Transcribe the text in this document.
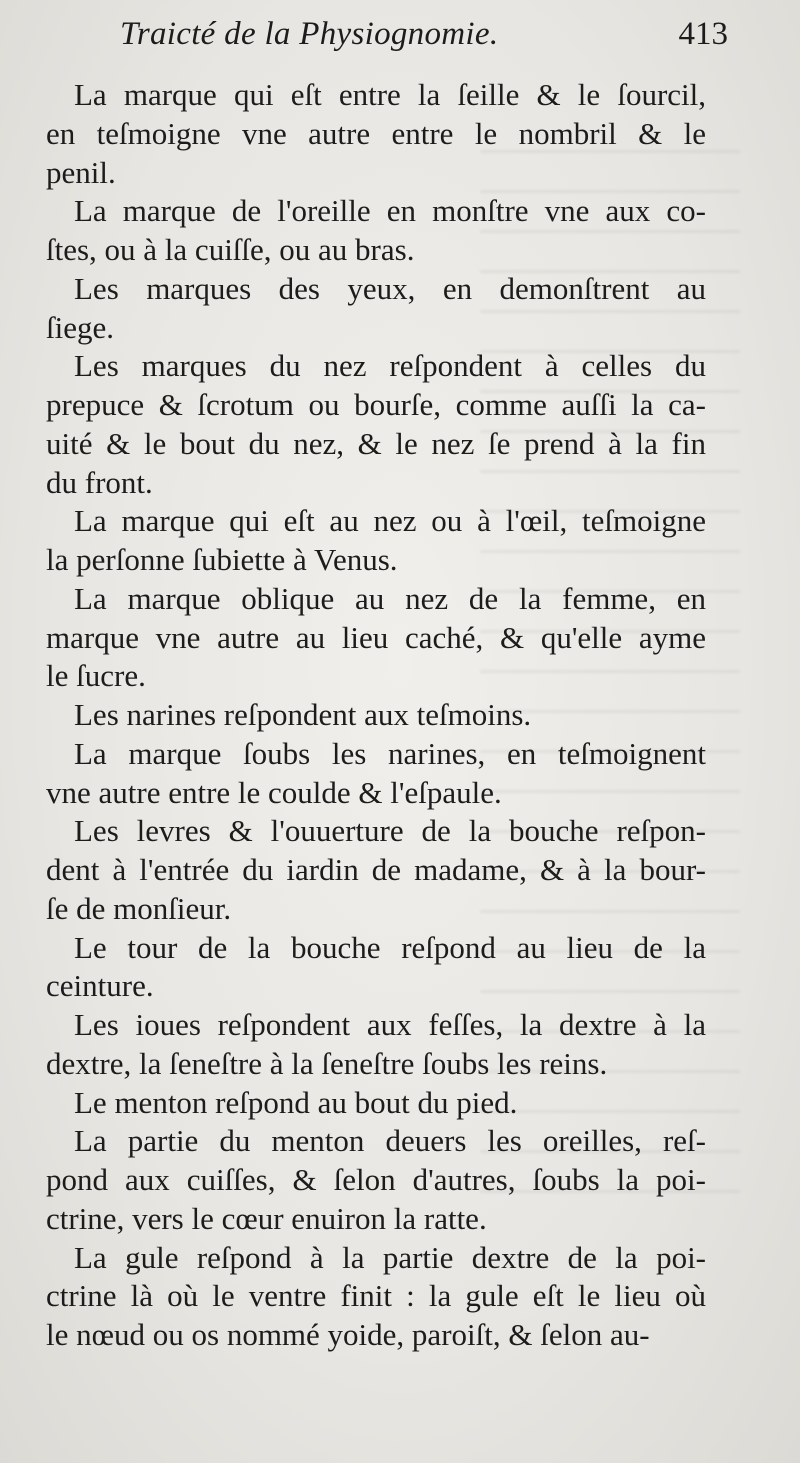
Traicté de la Physiognomie.	413
La marque qui eſt entre la ſeille & le ſourcil,
en teſmoigne vne autre entre le nombril & le
penil.
La marque de l'oreille en monſtre vne aux co-
ſtes, ou à la cuiſſe, ou au bras.
Les marques des yeux, en demonſtrent au
ſiege.
Les marques du nez reſpondent à celles du
prepuce & ſcrotum ou bourſe, comme auſſi la ca-
uité & le bout du nez, & le nez ſe prend à la fin
du front.
La marque qui eſt au nez ou à l'œil, teſmoigne
la perſonne ſubiette à Venus.
La marque oblique au nez de la femme, en
marque vne autre au lieu caché, & qu'elle ayme
le ſucre.
Les narines reſpondent aux teſmoins.
La marque ſoubs les narines, en teſmoignent
vne autre entre le coulde & l'eſpaule.
Les levres & l'ouuerture de la bouche reſpon-
dent à l'entrée du iardin de madame, & à la bour-
ſe de monſieur.
Le tour de la bouche reſpond au lieu de la
ceinture.
Les ioues reſpondent aux feſſes, la dextre à la
dextre, la ſeneſtre à la ſeneſtre ſoubs les reins.
Le menton reſpond au bout du pied.
La partie du menton deuers les oreilles, reſ-
pond aux cuiſſes, & ſelon d'autres, ſoubs la poi-
ctrine, vers le cœur enuiron la ratte.
La gule reſpond à la partie dextre de la poi-
ctrine là où le ventre finit : la gule eſt le lieu où
le nœud ou os nommé yoide, paroiſt, & ſelon au-
